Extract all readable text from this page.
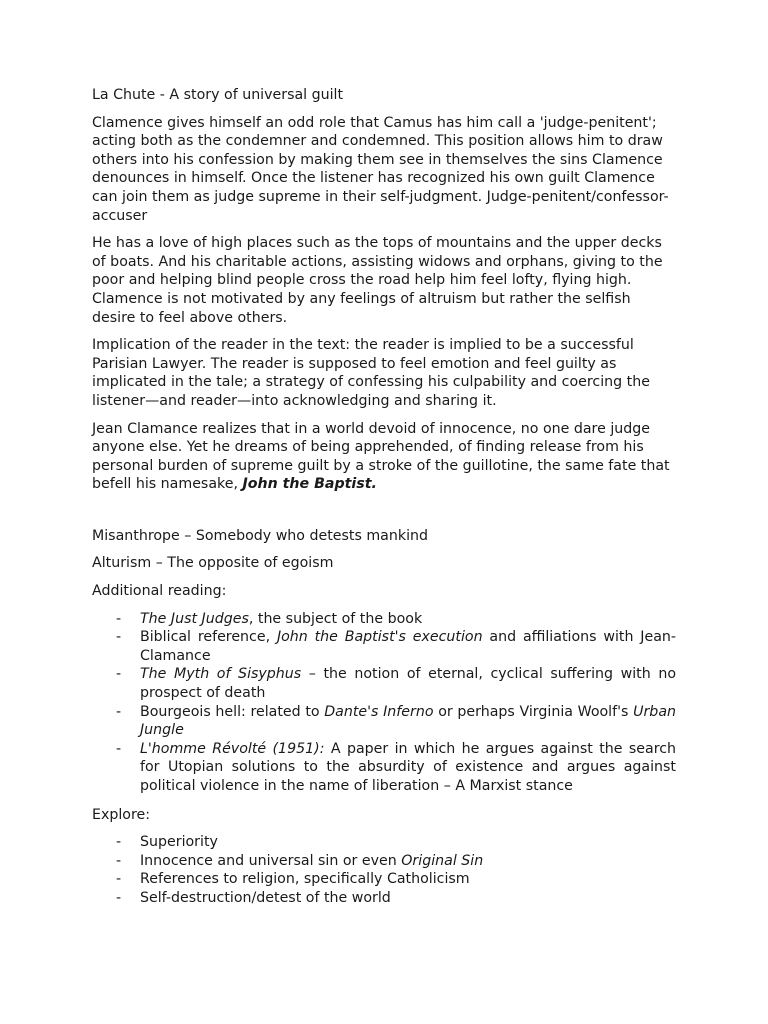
La Chute - A story of universal guilt

Clamence gives himself an odd role that Camus has him call a 'judge-penitent'; acting both as the condemner and condemned. This position allows him to draw others into his confession by making them see in themselves the sins Clamence denounces in himself. Once the listener has recognized his own guilt Clamence can join them as judge supreme in their self-judgment. Judge-penitent/confessor-accuser

He has a love of high places such as the tops of mountains and the upper decks of boats. And his charitable actions, assisting widows and orphans, giving to the poor and helping blind people cross the road help him feel lofty, flying high. Clamence is not motivated by any feelings of altruism but rather the selfish desire to feel above others.

Implication of the reader in the text: the reader is implied to be a successful Parisian Lawyer. The reader is supposed to feel emotion and feel guilty as implicated in the tale; a strategy of confessing his culpability and coercing the listener—and reader—into acknowledging and sharing it.

Jean Clamance realizes that in a world devoid of innocence, no one dare judge anyone else. Yet he dreams of being apprehended, of finding release from his personal burden of supreme guilt by a stroke of the guillotine, the same fate that befell his namesake, John the Baptist.

Misanthrope – Somebody who detests mankind
Alturism – The opposite of egoism
Additional reading:
- The Just Judges, the subject of the book
- Biblical reference, John the Baptist's execution and affiliations with Jean-Clamance
- The Myth of Sisyphus – the notion of eternal, cyclical suffering with no prospect of death
- Bourgeois hell: related to Dante's Inferno or perhaps Virginia Woolf's Urban Jungle
- L'homme Révolté (1951): A paper in which he argues against the search for Utopian solutions to the absurdity of existence and argues against political violence in the name of liberation – A Marxist stance
Explore:
- Superiority
- Innocence and universal sin or even Original Sin
- References to religion, specifically Catholicism
- Self-destruction/detest of the world
